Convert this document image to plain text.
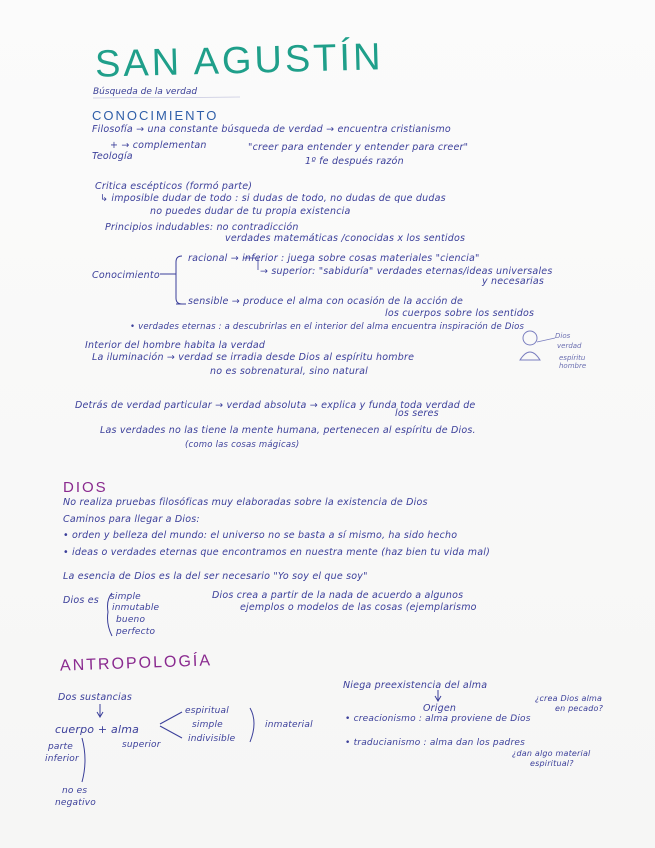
SAN AGUSTÍN
Búsqueda de la verdad
CONOCIMIENTO
Filosofía → una constante búsqueda de verdad → encuentra cristianismo
+ → complementan	"creer para entender y entender para creer"
Teología	1º fe después razón
Critica escépticos (formó parte)
↳ imposible dudar de todo : si dudas de todo, no dudas de que dudas
no puedes dudar de tu propia existencia
Principios indudables: no contradicción
verdades matemáticas /conocidas x los sentidos
racional → inferior : juega sobre cosas materiales "ciencia"
→ superior: "sabiduría" verdades eternas/ideas universales
y necesarias
Conocimiento
sensible → produce el alma con ocasión de la acción de
los cuerpos sobre los sentidos
• verdades eternas : a descubrirlas en el interior del alma encuentra inspiración de Dios
Interior del hombre habita la verdad
La iluminación → verdad se irradia desde Dios al espíritu hombre
no es sobrenatural, sino natural
Detrás de verdad particular → verdad absoluta → explica y funda toda verdad de
los seres
Las verdades no las tiene la mente humana, pertenecen al espíritu de Dios.
(como las cosas mágicas)
Dios
verdad
espíritu
hombre
DIOS
No realiza pruebas filosóficas muy elaboradas sobre la existencia de Dios
Caminos para llegar a Dios:
• orden y belleza del mundo: el universo no se basta a sí mismo, ha sido hecho
• ideas o verdades eternas que encontramos en nuestra mente (haz bien tu vida mal)
La esencia de Dios es la del ser necesario "Yo soy el que soy"
Dios es simple
inmutable
bueno
perfecto
Dios crea a partir de la nada de acuerdo a algunos
ejemplos o modelos de las cosas (ejemplarismo
ANTROPOLOGÍA
Dos sustancias
cuerpo + alma
espiritual
simple
indivisible
inmaterial
superior
parte
inferior
no es
negativo
Niega preexistencia del alma
Origen
¿crea Dios alma
en pecado?
• creacionismo : alma proviene de Dios
• traducianismo : alma dan los padres
¿dan algo material
espiritual?
